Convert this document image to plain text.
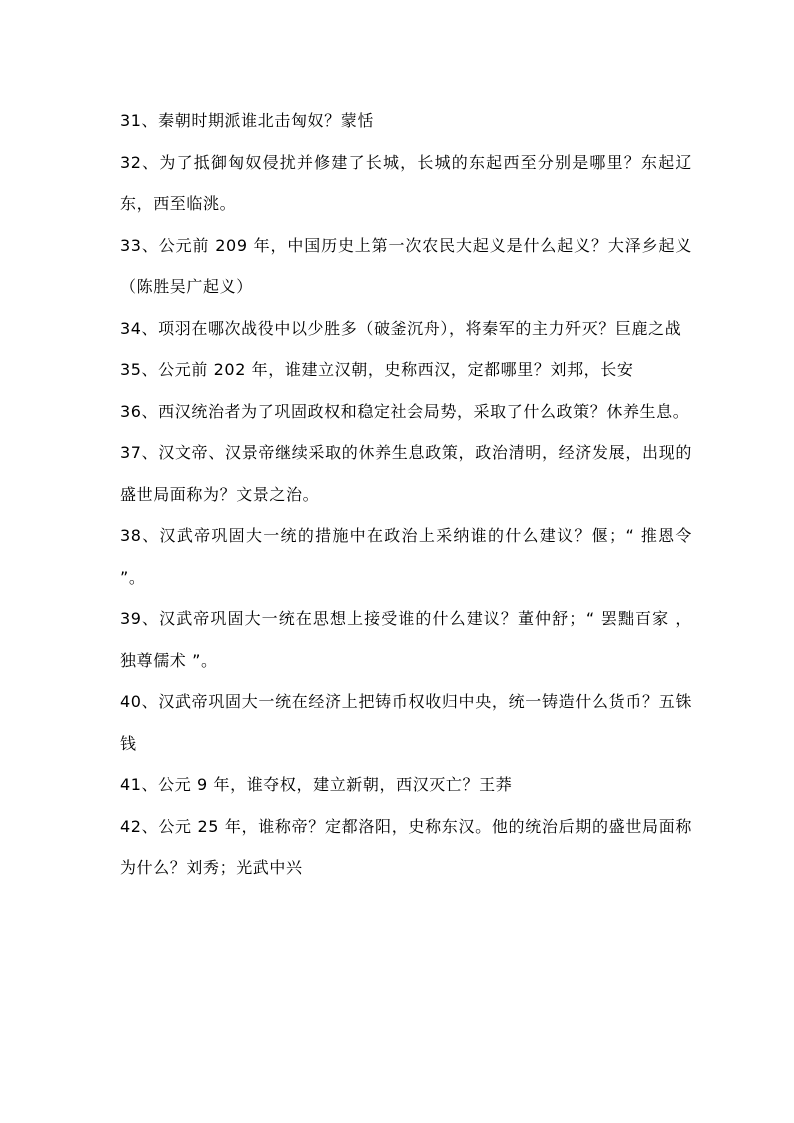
31、秦朝时期派谁北击匈奴？蒙恬

32、为了抵御匈奴侵扰并修建了长城，长城的东起西至分别是哪里？东起辽东，西至临洮。

33、公元前 209 年，中国历史上第一次农民大起义是什么起义？大泽乡起义（陈胜吴广起义）

34、项羽在哪次战役中以少胜多（破釜沉舟），将秦军的主力歼灭？巨鹿之战

35、公元前 202 年，谁建立汉朝，史称西汉，定都哪里？刘邦，长安

36、西汉统治者为了巩固政权和稳定社会局势，采取了什么政策？休养生息。

37、汉文帝、汉景帝继续采取的休养生息政策，政治清明，经济发展，出现的盛世局面称为？文景之治。

38、汉武帝巩固大一统的措施中在政治上采纳谁的什么建议？偃；“ 推恩令 ”。

39、汉武帝巩固大一统在思想上接受谁的什么建议？董仲舒；“ 罢黜百家 ，独尊儒术 ”。

40、汉武帝巩固大一统在经济上把铸币权收归中央，统一铸造什么货币？五铢钱

41、公元 9 年，谁夺权，建立新朝，西汉灭亡？王莽

42、公元 25 年，谁称帝？定都洛阳，史称东汉。他的统治后期的盛世局面称为什么？刘秀；光武中兴
